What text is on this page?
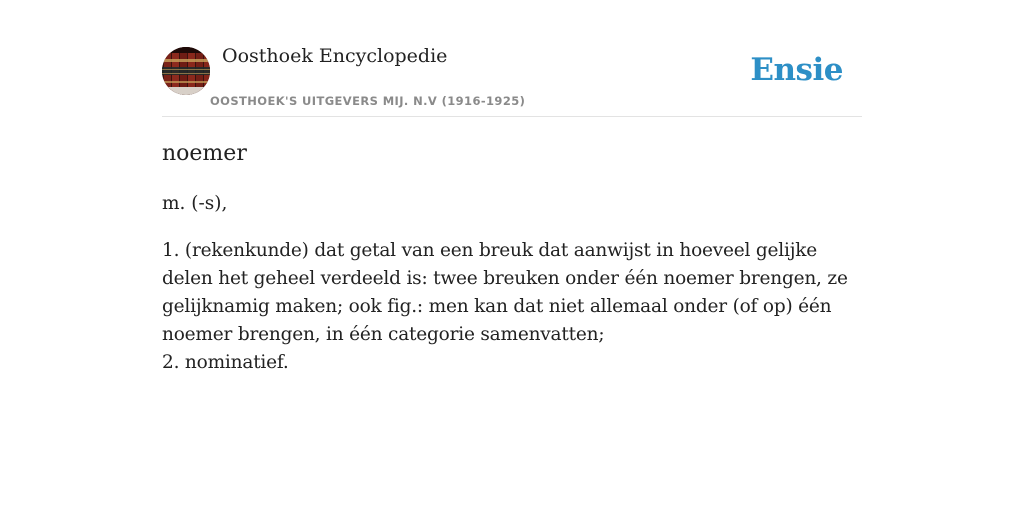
Oosthoek Encyclopedie
OOSTHOEK'S UITGEVERS MIJ. N.V (1916-1925)
Ensie
noemer

m. (-s),

1. (rekenkunde) dat getal van een breuk dat aanwijst in hoeveel gelijke delen het geheel verdeeld is: twee breuken onder één noemer brengen, ze gelijknamig maken; ook fig.: men kan dat niet allemaal onder (of op) één noemer brengen, in één categorie samenvatten;
2. nominatief.
